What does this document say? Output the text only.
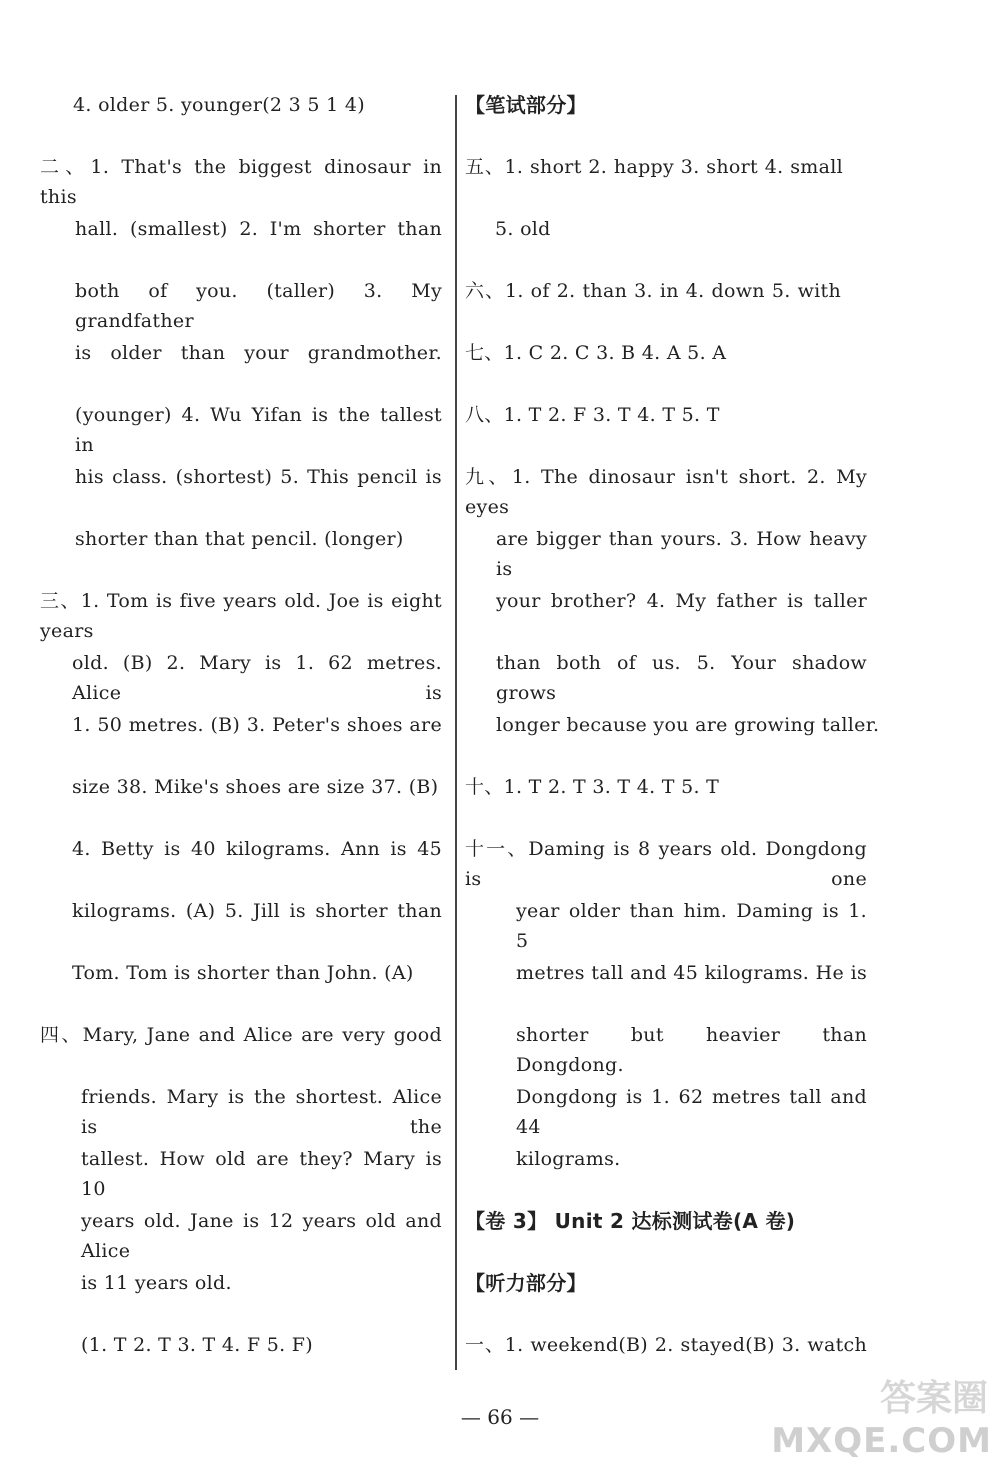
4. older 5. younger(2 3 5 1 4)
二、1. That's the biggest dinosaur in this
hall. (smallest) 2. I'm shorter than
both of you. (taller) 3. My grandfather
is older than your grandmother.
(younger) 4. Wu Yifan is the tallest in
his class. (shortest) 5. This pencil is
shorter than that pencil. (longer)
三、1. Tom is five years old. Joe is eight years
old. (B) 2. Mary is 1. 62 metres. Alice is
1. 50 metres. (B) 3. Peter's shoes are
size 38. Mike's shoes are size 37. (B)
4. Betty is 40 kilograms. Ann is 45
kilograms. (A) 5. Jill is shorter than
Tom. Tom is shorter than John. (A)
四、Mary, Jane and Alice are very good
friends. Mary is the shortest. Alice is the
tallest. How old are they? Mary is 10
years old. Jane is 12 years old and Alice
is 11 years old.
(1. T 2. T 3. T 4. F 5. F)
【笔试部分】
五、1. short 2. happy 3. short 4. small
5. old
六、1. of 2. than 3. in 4. down 5. with
七、1. C 2. C 3. B 4. A 5. A
八、1. T 2. F 3. T 4. T 5. T
九、1. The dinosaur isn't short. 2. My eyes
are bigger than yours. 3. How heavy is
your brother? 4. My father is taller
than both of us. 5. Your shadow grows
longer because you are growing taller.
十、1. T 2. T 3. T 4. T 5. T
十一、Daming is 8 years old. Dongdong is one
year older than him. Daming is 1. 5
metres tall and 45 kilograms. He is
shorter but heavier than Dongdong.
Dongdong is 1. 62 metres tall and 44
kilograms.
【卷 3】 Unit 2 达标测试卷(A 卷)
【听力部分】
一、1. weekend(B) 2. stayed(B) 3. watch
— 66 —	答案圈
MXQE.COM
